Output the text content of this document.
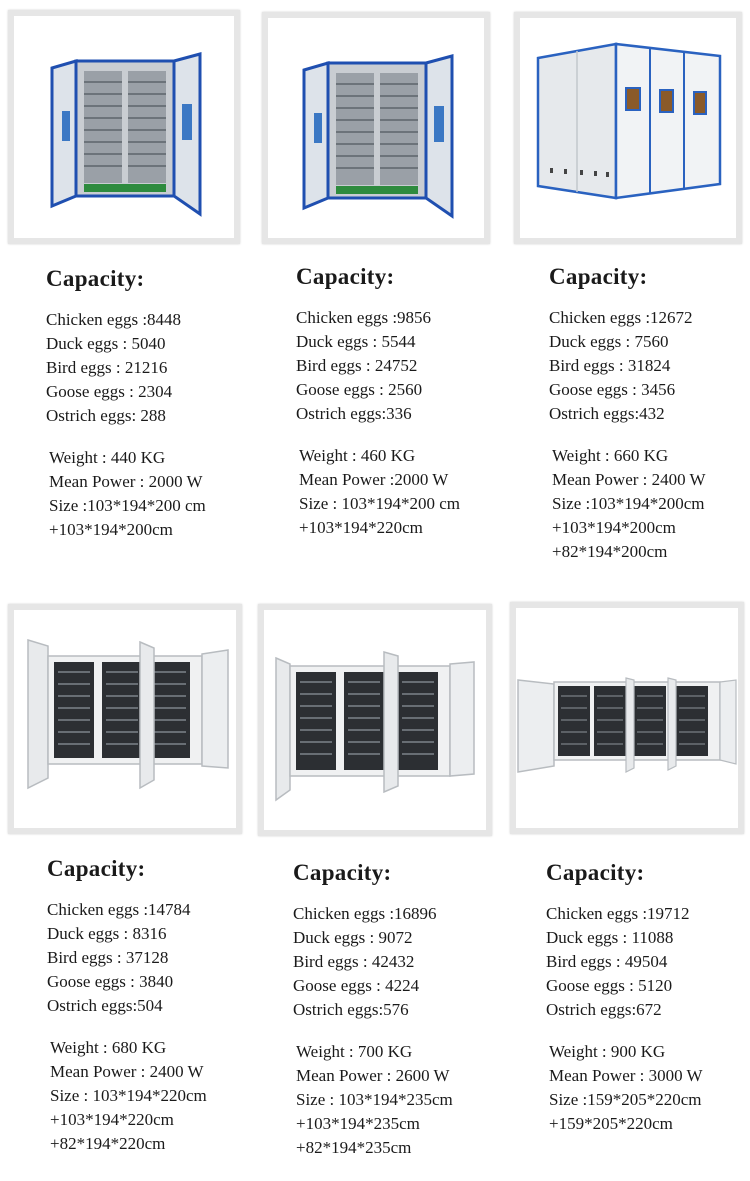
Capacity:
Chicken eggs :8448
Duck eggs : 5040
Bird eggs : 21216
Goose eggs : 2304
Ostrich eggs: 288
Weight : 440 KG
Mean Power : 2000 W
Size :103*194*200 cm
+103*194*200cm
Capacity:
Chicken eggs :9856
Duck eggs : 5544
Bird eggs : 24752
Goose eggs : 2560
Ostrich eggs:336
Weight : 460 KG
Mean Power :2000 W
Size : 103*194*200 cm
+103*194*220cm
Capacity:
Chicken eggs :12672
Duck eggs : 7560
Bird eggs : 31824
Goose eggs : 3456
Ostrich eggs:432
Weight : 660 KG
Mean Power : 2400 W
Size :103*194*200cm
+103*194*200cm
+82*194*200cm
Capacity:
Chicken eggs :14784
Duck eggs : 8316
Bird eggs : 37128
Goose eggs : 3840
Ostrich eggs:504
Weight : 680 KG
Mean Power : 2400 W
Size : 103*194*220cm
+103*194*220cm
+82*194*220cm
Capacity:
Chicken eggs :16896
Duck eggs : 9072
Bird eggs : 42432
Goose eggs : 4224
Ostrich eggs:576
Weight : 700 KG
Mean Power : 2600 W
Size : 103*194*235cm
+103*194*235cm
+82*194*235cm
Capacity:
Chicken eggs :19712
Duck eggs : 11088
Bird eggs : 49504
Goose eggs : 5120
Ostrich eggs:672
Weight : 900 KG
Mean Power : 3000 W
Size :159*205*220cm
+159*205*220cm
